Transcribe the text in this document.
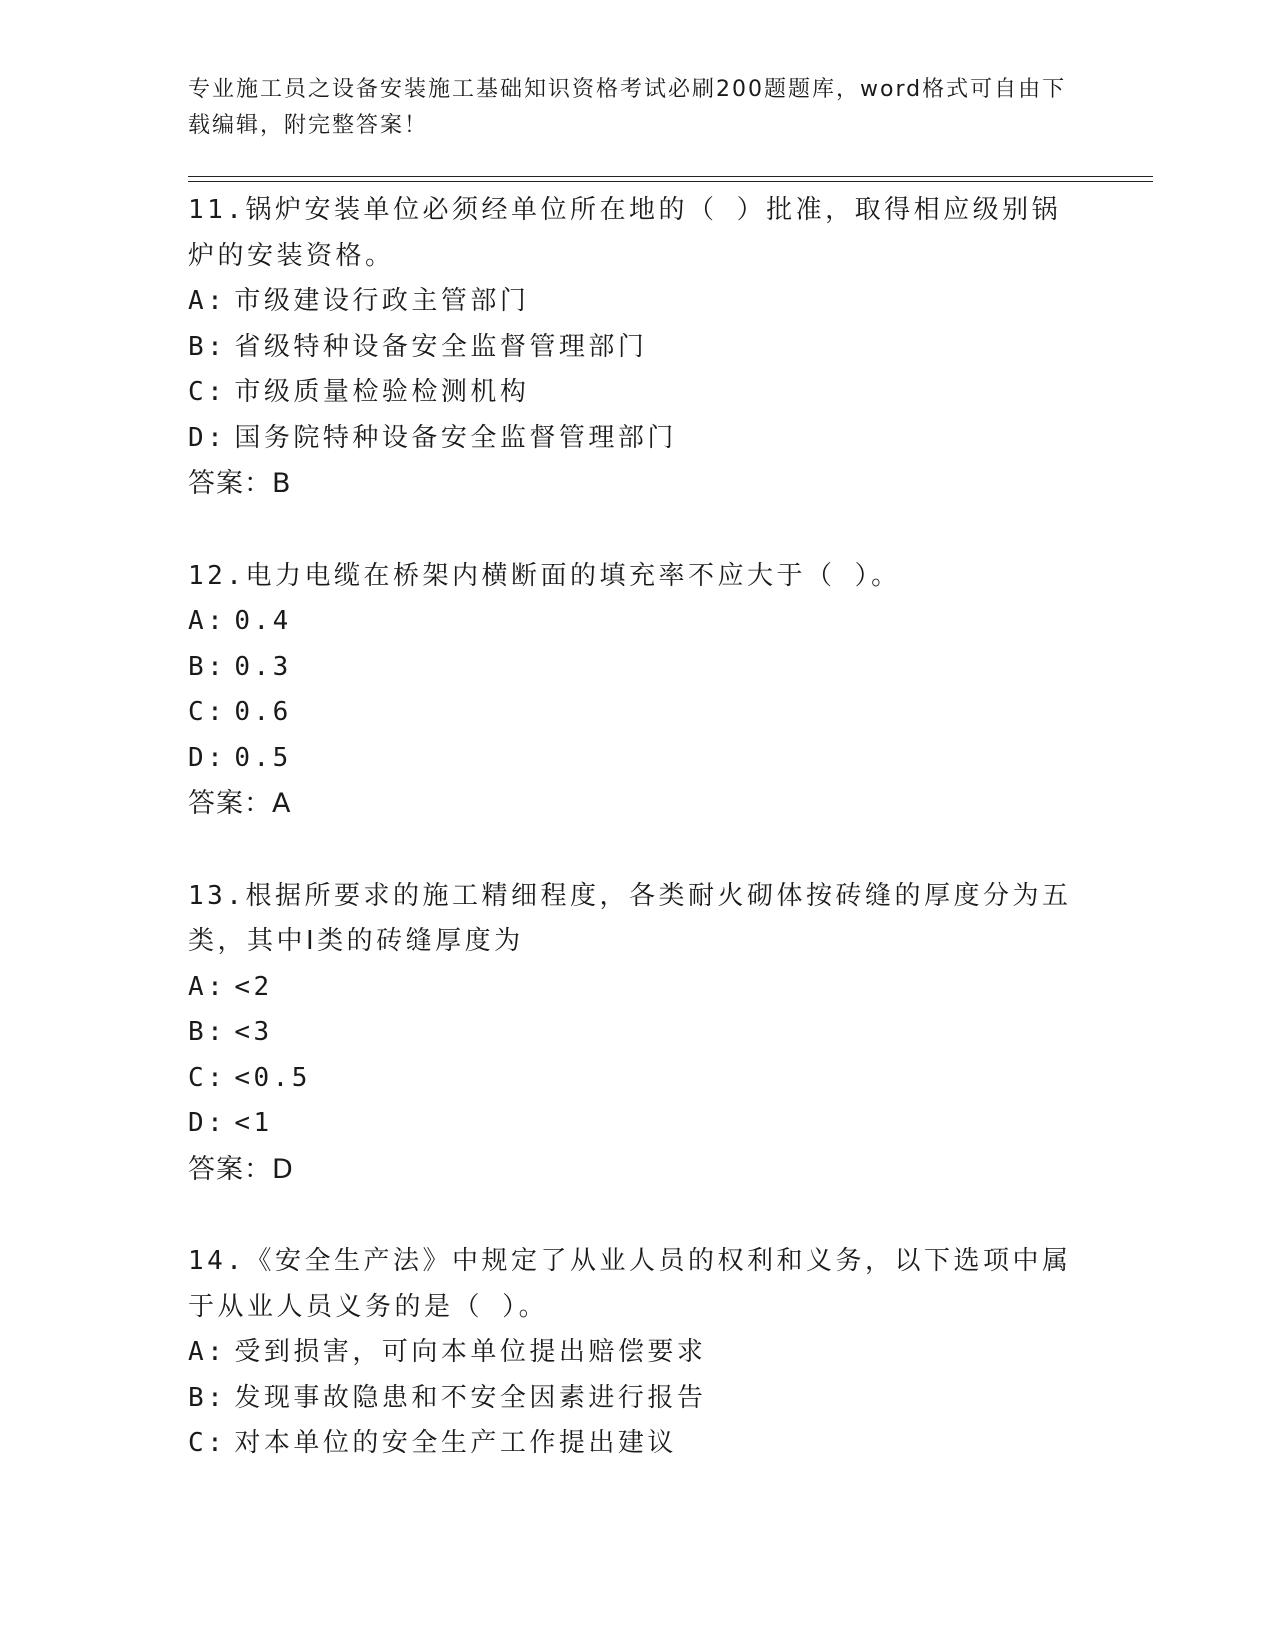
专业施工员之设备安装施工基础知识资格考试必刷200题题库，word格式可自由下载编辑，附完整答案！

11.锅炉安装单位必须经单位所在地的（ ）批准，取得相应级别锅炉的安装资格。

A: 市级建设行政主管部门

B: 省级特种设备安全监督管理部门

C: 市级质量检验检测机构

D: 国务院特种设备安全监督管理部门

答案：B

12.电力电缆在桥架内横断面的填充率不应大于（ ）。

A: 0.4

B: 0.3

C: 0.6

D: 0.5

答案：A

13.根据所要求的施工精细程度，各类耐火砌体按砖缝的厚度分为五类，其中Ⅰ类的砖缝厚度为

A: <2

B: <3

C: <0.5

D: <1

答案：D

14.《安全生产法》中规定了从业人员的权利和义务，以下选项中属于从业人员义务的是（ ）。

A: 受到损害，可向本单位提出赔偿要求

B: 发现事故隐患和不安全因素进行报告

C: 对本单位的安全生产工作提出建议
